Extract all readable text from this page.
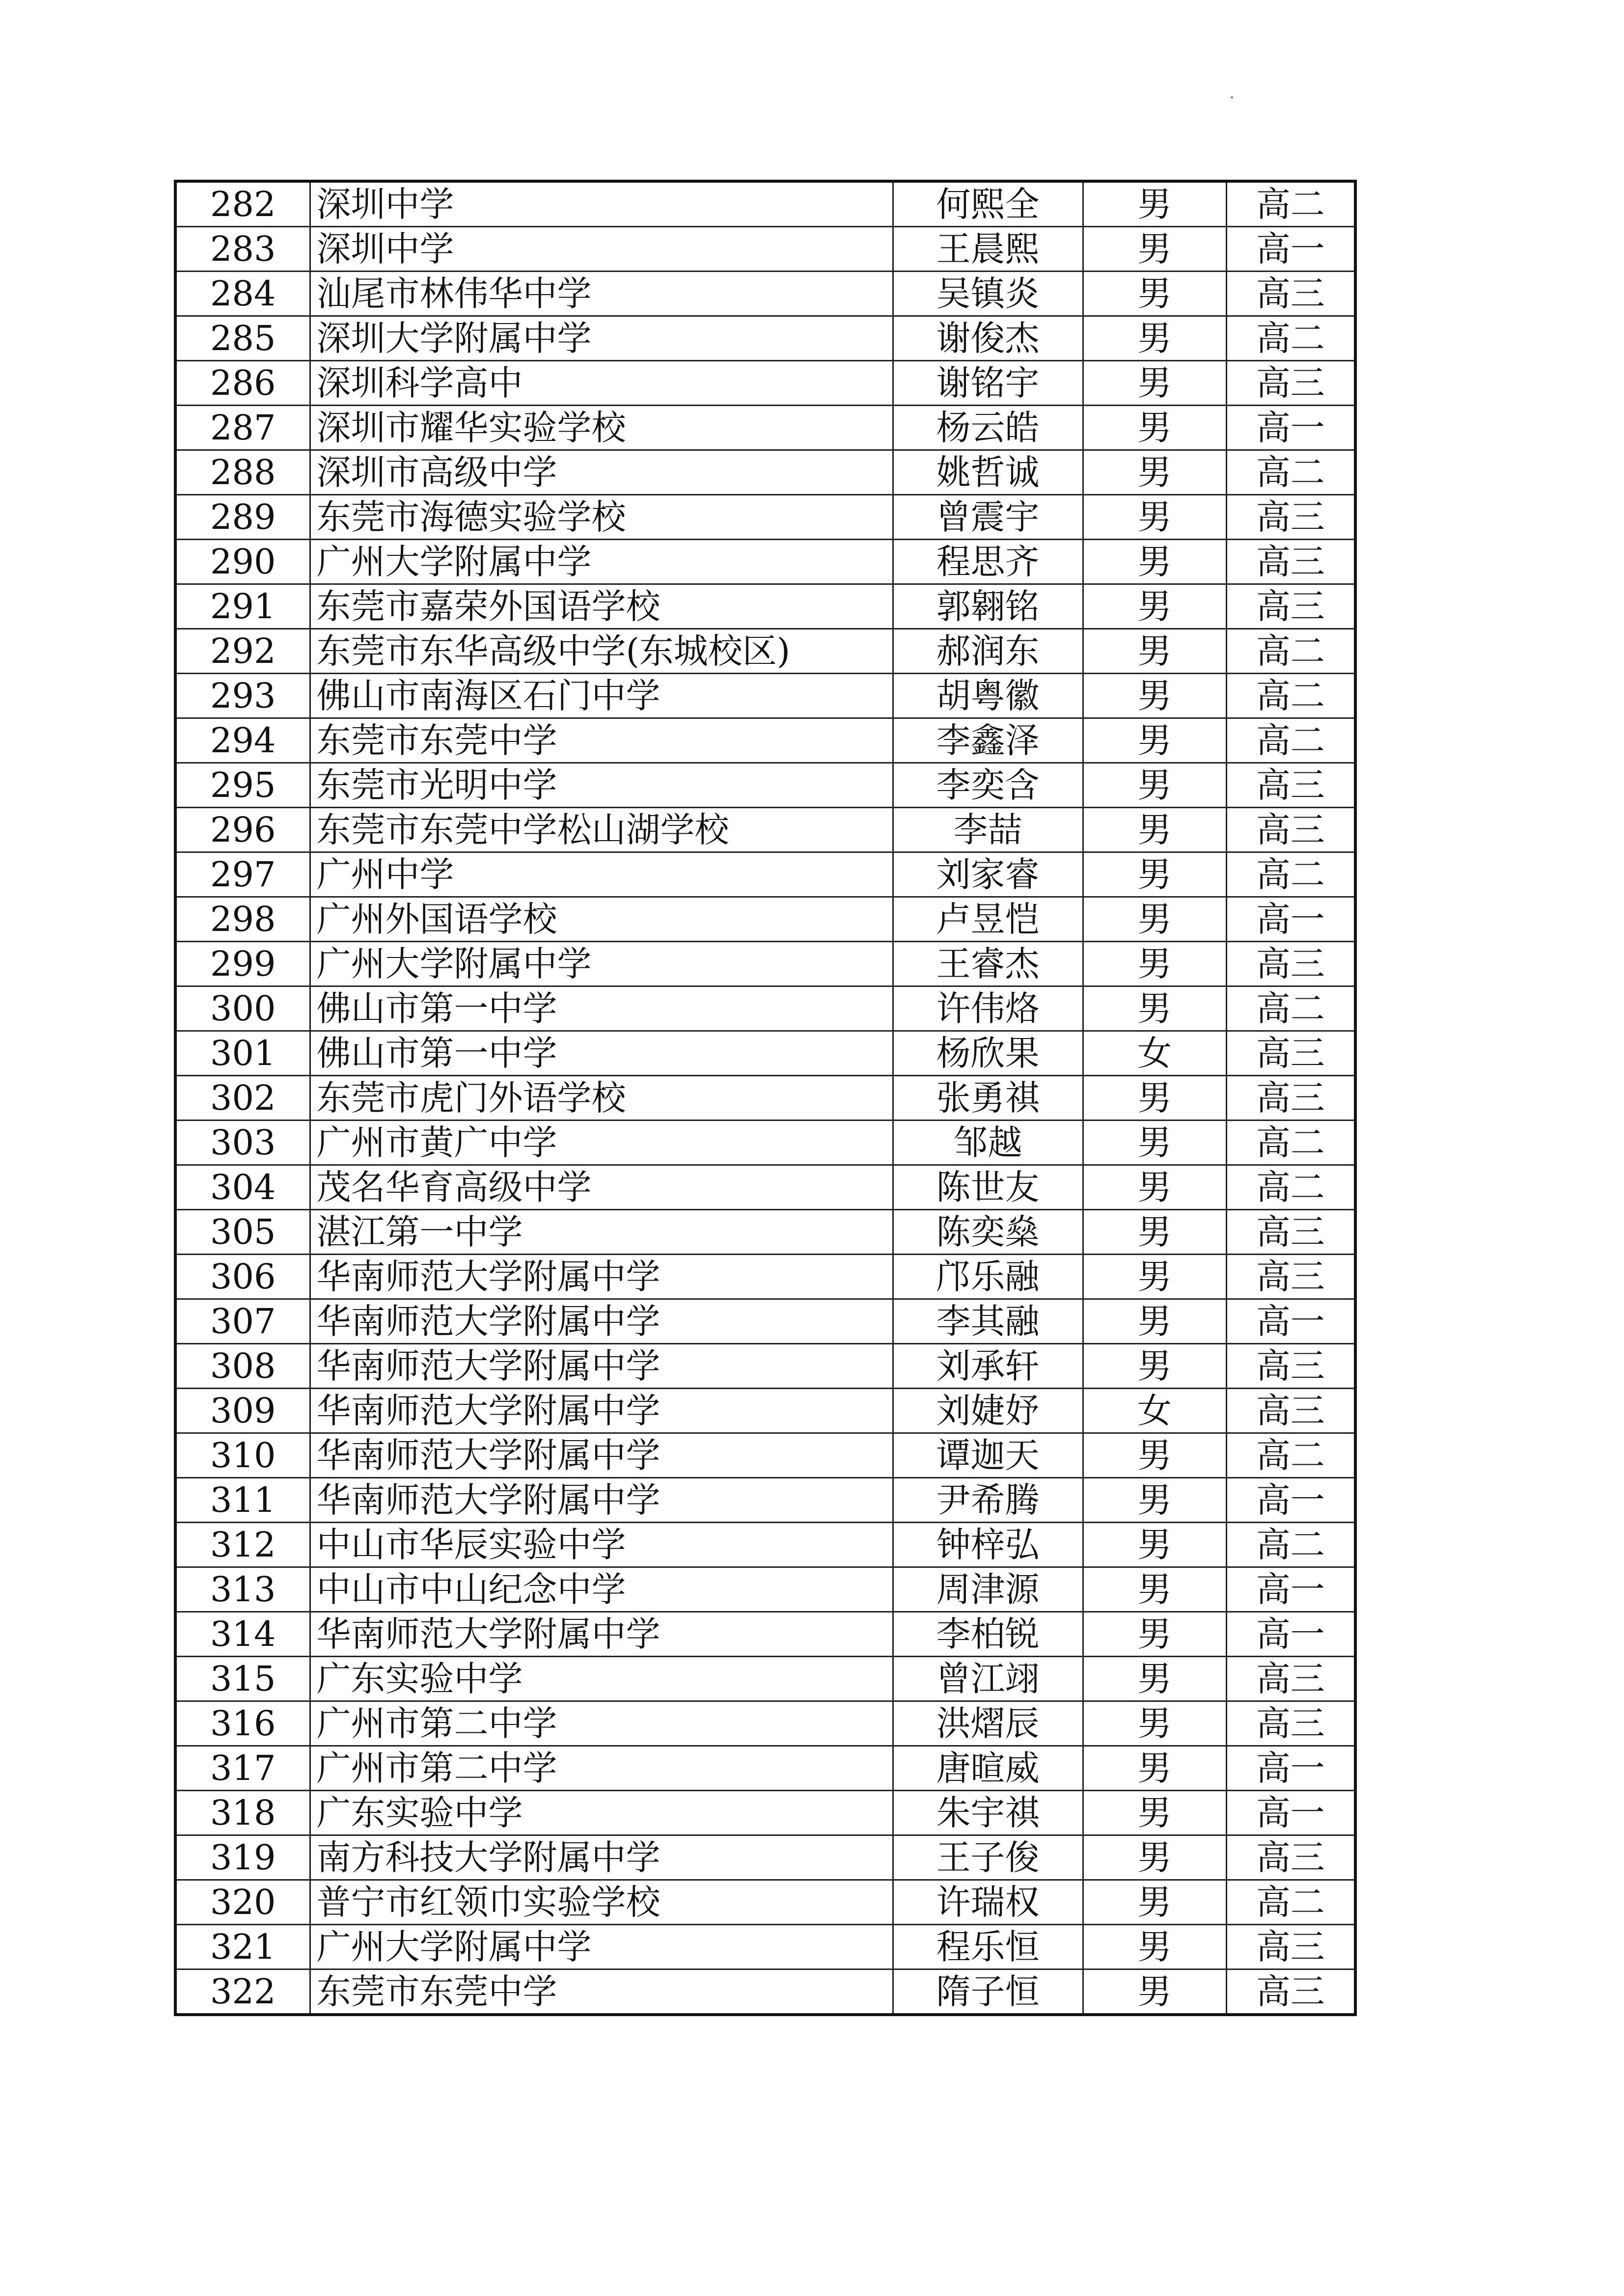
282	深圳中学	何熙全	男	高二
283	深圳中学	王晨熙	男	高一
284	汕尾市林伟华中学	吴镇炎	男	高三
285	深圳大学附属中学	谢俊杰	男	高二
286	深圳科学高中	谢铭宇	男	高三
287	深圳市耀华实验学校	杨云皓	男	高一
288	深圳市高级中学	姚哲诚	男	高二
289	东莞市海德实验学校	曾震宇	男	高三
290	广州大学附属中学	程思齐	男	高三
291	东莞市嘉荣外国语学校	郭翱铭	男	高三
292	东莞市东华高级中学(东城校区)	郝润东	男	高二
293	佛山市南海区石门中学	胡粤徽	男	高二
294	东莞市东莞中学	李鑫泽	男	高二
295	东莞市光明中学	李奕含	男	高三
296	东莞市东莞中学松山湖学校	李喆	男	高三
297	广州中学	刘家睿	男	高二
298	广州外国语学校	卢昱恺	男	高一
299	广州大学附属中学	王睿杰	男	高三
300	佛山市第一中学	许伟烙	男	高二
301	佛山市第一中学	杨欣果	女	高三
302	东莞市虎门外语学校	张勇祺	男	高三
303	广州市黄广中学	邹越	男	高二
304	茂名华育高级中学	陈世友	男	高二
305	湛江第一中学	陈奕燊	男	高三
306	华南师范大学附属中学	邝乐融	男	高三
307	华南师范大学附属中学	李其融	男	高一
308	华南师范大学附属中学	刘承轩	男	高三
309	华南师范大学附属中学	刘婕妤	女	高三
310	华南师范大学附属中学	谭迦天	男	高二
311	华南师范大学附属中学	尹希腾	男	高一
312	中山市华辰实验中学	钟梓弘	男	高二
313	中山市中山纪念中学	周津源	男	高一
314	华南师范大学附属中学	李柏锐	男	高一
315	广东实验中学	曾江翊	男	高三
316	广州市第二中学	洪熠辰	男	高三
317	广州市第二中学	唐暄威	男	高一
318	广东实验中学	朱宇祺	男	高一
319	南方科技大学附属中学	王子俊	男	高三
320	普宁市红领巾实验学校	许瑞权	男	高二
321	广州大学附属中学	程乐恒	男	高三
322	东莞市东莞中学	隋子恒	男	高三
